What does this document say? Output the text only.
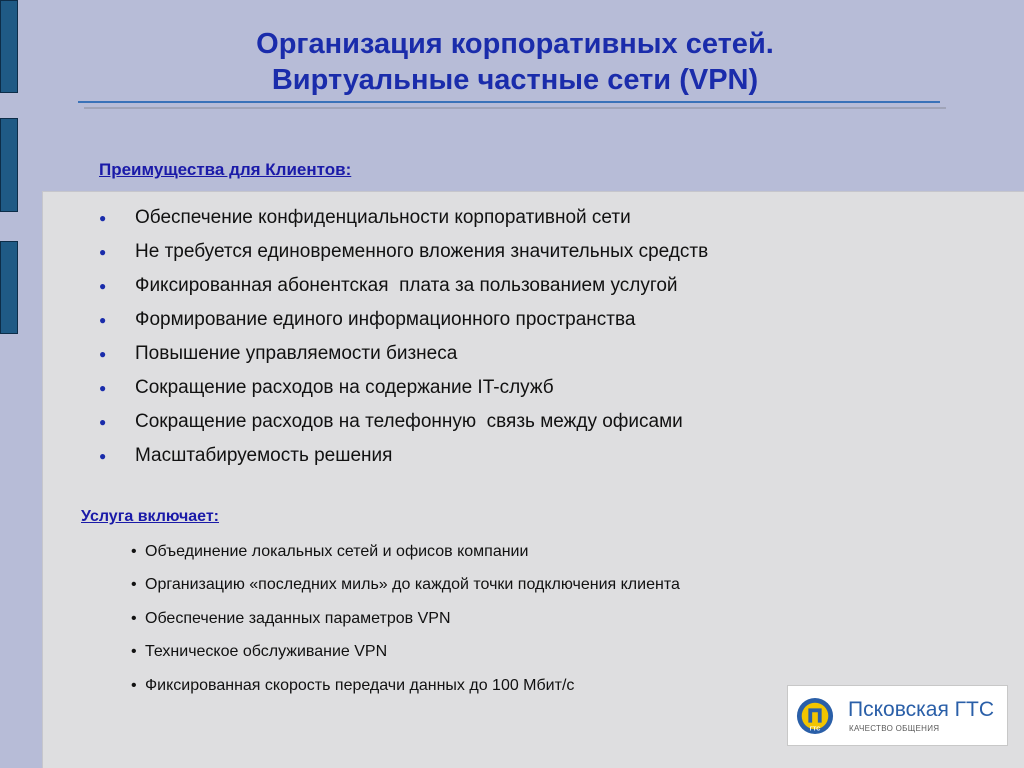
Организация корпоративных сетей.
Виртуальные частные сети (VPN)
Преимущества для Клиентов:
●	Обеспечение конфиденциальности корпоративной сети
●	Не требуется единовременного вложения значительных средств
●	Фиксированная абонентская  плата за пользованием услугой
●	Формирование единого информационного пространства
●	Повышение управляемости бизнеса
●	Сокращение расходов на содержание IT-служб
●	Сокращение расходов на телефонную  связь между офисами
●	Масштабируемость решения
Услуга включает:
• Объединение локальных сетей и офисов компании
• Организацию «последних миль» до каждой точки подключения клиента
• Обеспечение заданных параметров VPN
• Техническое обслуживание VPN
• Фиксированная скорость передачи данных до 100 Мбит/с
ГТС
Псковская ГТС
КАЧЕСТВО ОБЩЕНИЯ
